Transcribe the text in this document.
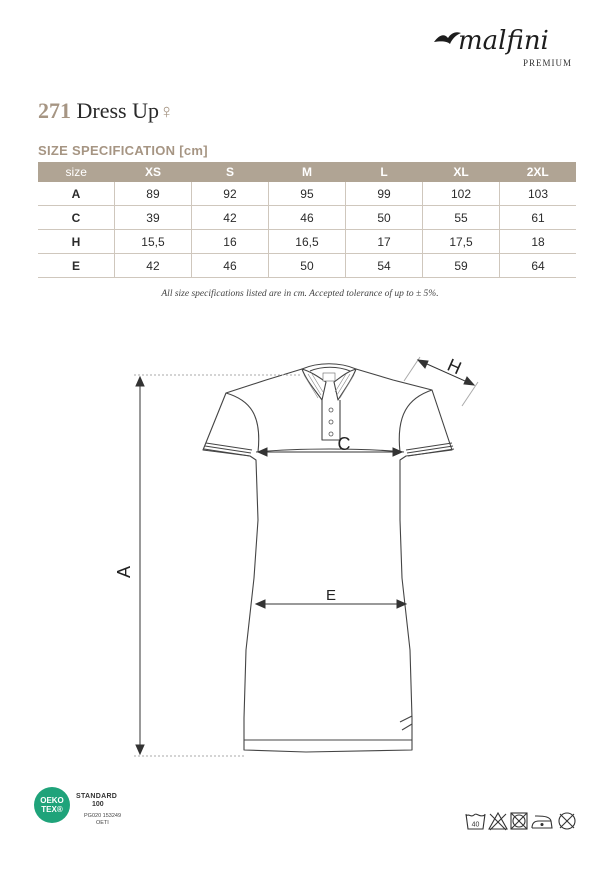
malfini
PREMIUM
271 Dress Up♀
SIZE SPECIFICATION [cm]
size	XS	S	M	L	XL	2XL
A	89	92	95	99	102	103
C	39	42	46	50	55	61
H	15,5	16	16,5	17	17,5	18
E	42	46	50	54	59	64
All size specifications listed are in cm. Accepted tolerance of up to ± 5%.
A
C
E
H
OEKO
TEX®
STANDARD
100
PG020 153249
OETI	40
